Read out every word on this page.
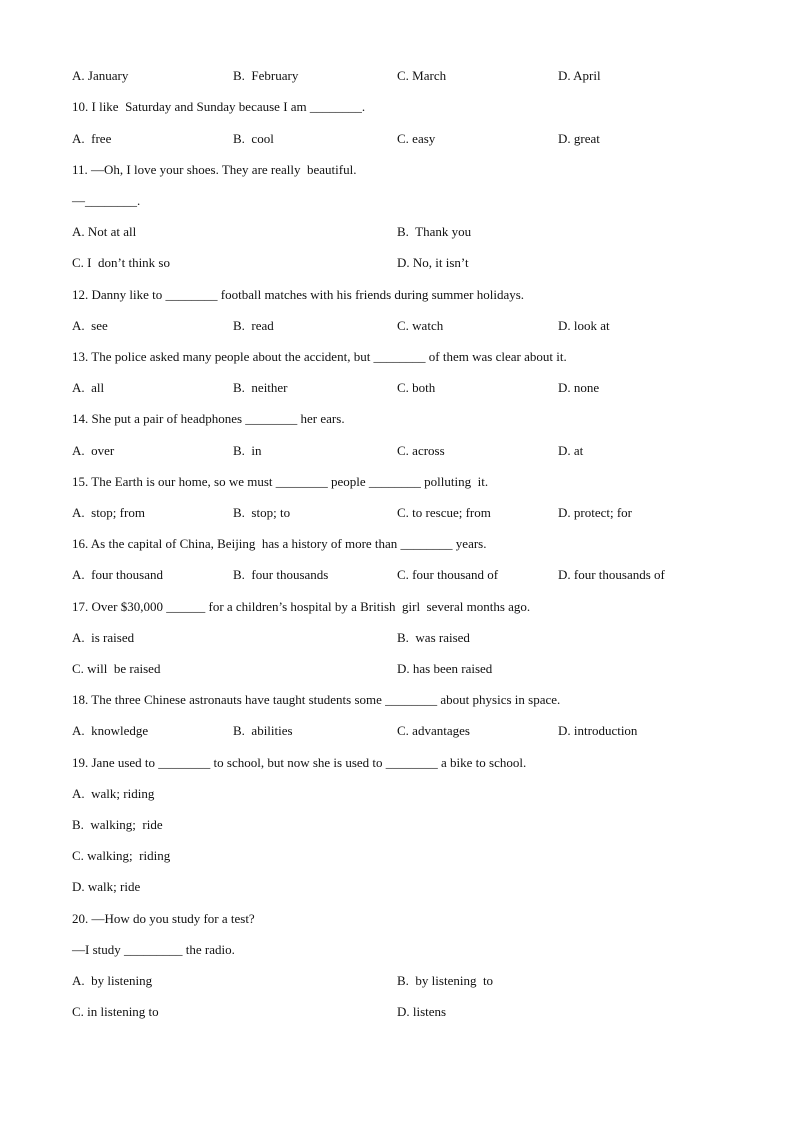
A. January	B.  February	C. March	D. April
10. I like  Saturday and Sunday because I am ________.
A.  free	B.  cool	C. easy	D. great
11. —Oh, I love your shoes. They are really  beautiful.
—________.
A. Not at all	B.  Thank you
C. I  don’t think so	D. No, it isn’t
12. Danny like to ________ football matches with his friends during summer holidays.
A.  see	B.  read	C. watch	D. look at
13. The police asked many people about the accident, but ________ of them was clear about it.
A.  all	B.  neither	C. both	D. none
14. She put a pair of headphones ________ her ears.
A.  over	B.  in	C. across	D. at
15. The Earth is our home, so we must ________ people ________ polluting  it.
A.  stop; from	B.  stop; to	C. to rescue; from	D. protect; for
16. As the capital of China, Beijing  has a history of more than ________ years.
A.  four thousand	B.  four thousands	C. four thousand of	D. four thousands of
17. Over $30,000 ______ for a children’s hospital by a British  girl  several months ago.
A.  is raised	B.  was raised
C. will  be raised	D. has been raised
18. The three Chinese astronauts have taught students some ________ about physics in space.
A.  knowledge	B.  abilities	C. advantages	D. introduction
19. Jane used to ________ to school, but now she is used to ________ a bike to school.
A.  walk; riding
B.  walking;  ride
C. walking;  riding
D. walk; ride
20. —How do you study for a test?
—I study _________ the radio.
A.  by listening	B.  by listening  to
C. in listening to	D. listens
